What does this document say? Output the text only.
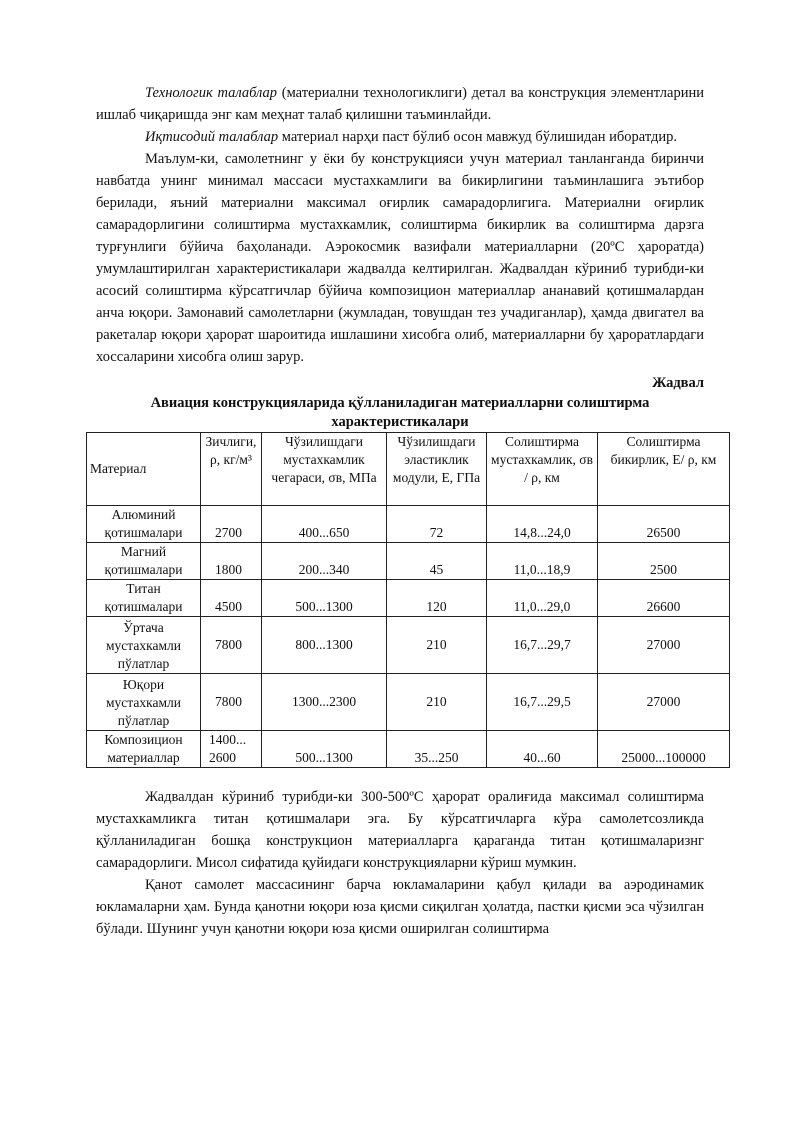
Технологик талаблар (материални технологиклиги) детал ва конструкция элементларини ишлаб чиқаришда энг кам меҳнат талаб қилишни таъминлайди.

Иқтисодий талаблар материал нарҳи паст бўлиб осон мавжуд бўлишидан иборатдир.

Маълум-ки, самолетнинг у ёки бу конструкцияси учун материал танланганда биринчи навбатда унинг минимал массаси мустахкамлиги ва бикирлигини таъминлашига эътибор берилади, яъний материални максимал оғирлик самарадорлигига. Материални оғирлик самарадорлигини солиштирма мустахкамлик, солиштирма бикирлик ва солиштирма дарзга турғунлиги бўйича баҳоланади. Аэрокосмик вазифали материалларни (20ºС ҳароратда) умумлаштирилган характеристикалари жадвалда келтирилган. Жадвалдан кўриниб турибди-ки асосий солиштирма кўрсатгичлар бўйича композицион материаллар ананавий қотишмалардан анча юқори. Замонавий самолетларни (жумладан, товушдан тез учадиганлар), ҳамда двигател ва ракеталар юқори ҳарорат шароитида ишлашини хисобга олиб, материалларни бу ҳароратлардаги хоссаларини хисобга олиш зарур.

Жадвал
Авиация конструкцияларида қўлланиладиган материалларни солиштирма характеристикалари
Материал	Зичлиги, ρ, кг/м³	Чўзилишдаги мустахкамлик чегараси, σв, МПа	Чўзилишдаги эластиклик модули, Е, ГПа	Солиштирма мустахкамлик, σв / ρ, км	Солиштирма бикирлик, Е/ ρ, км
Алюминий қотишмалари	2700	400...650	72	14,8...24,0	26500
Магний қотишмалари	1800	200...340	45	11,0...18,9	2500
Титан қотишмалари	4500	500...1300	120	11,0...29,0	26600
Ўртача мустахкамли пўлатлар	7800	800...1300	210	16,7...29,7	27000
Юқори мустахкамли пўлатлар	7800	1300...2300	210	16,7...29,5	27000
Композицион материаллар	1400... 2600	500...1300	35...250	40...60	25000...100000

Жадвалдан кўриниб турибди-ки 300-500ºС ҳарорат оралиғида максимал солиштирма мустахкамликга титан қотишмалари эга. Бу кўрсатгичларга кўра самолетсозликда қўлланиладиган бошқа конструкцион материалларга қараганда титан қотишмаларизнг самарадорлиги. Мисол сифатида қуйидаги конструкцияларни кўриш мумкин.

Қанот самолет массасининг барча юкламаларини қабул қилади ва аэродинамик юкламаларни ҳам. Бунда қанотни юқори юза қисми сиқилган ҳолатда, пастки қисми эса чўзилган бўлади. Шунинг учун қанотни юқори юза қисми оширилган солиштирма
